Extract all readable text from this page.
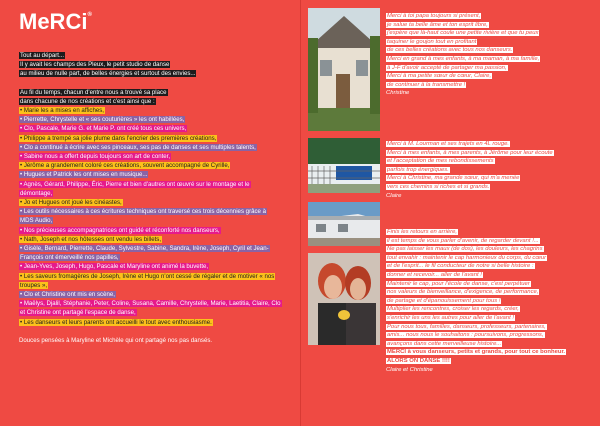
MeRCi®
Tout au départ...
Il y avait les champs des Pleux, le petit studio de danse
au milieu de nulle part, de belles énergies et surtout des envies...
Au fil du temps, chacun d'entre nous a trouvé sa place
dans chacune de nos créations et c'est ainsi que :
• Marie les a mises en affiches,
• Pierrette, Chrystelle et « ses couturières » les ont habillées,
• Clo, Pascale, Marie G. et Marie P. ont créé tous ces univers,
• Philippe a trempé sa jolie plume dans l'encrier des premières créations,
• Clo a continué à écrire avec ses pinceaux, ses pas de danses et ses multiples talents,
• Sabine nous a offert depuis toujours son art de conter,
• Jérôme a grandement coloré ces créations, souvent accompagné de Cyrille,
• Hugues et Patrick les ont mises en musique...
• Agnès, Gérard, Philippe, Éric, Pierre et bien d'autres ont œuvré sur le montage et le démontage,
• Jo et Hugues ont joué les cinéastes,
• Les outils nécessaires à ces écritures techniques ont traversé ces trois décennies grâce à MDS Audio,
• Nos précieuses accompagnatrices ont guidé et réconforté nos danseurs,
• Nath, Joseph et nos hôtesses ont vendu les billets,
• Gisèle, Bernard, Pierrette, Claude, Sylvestre, Sabine, Sandra, Irène, Joseph, Cyril et Jean-François ont émerveillé nos papilles,
• Jean-Yves, Joseph, Hugo, Pascale et Maryline ont animé la buvette,
• Les saveurs fromagères de Joseph, Irène et Hugo n'ont cessé de régaler et de motiver « nos troupes »,
• Clo et Christine ont mis en scène,
• Maëlys, Djalil, Stéphanie, Peter, Coline, Susana, Camille, Chrystelle, Marie, Laetitia, Claire, Clo et Christine ont partagé l'espace de danse,
• Les danseurs et leurs parents ont accueilli le tout avec enthousiasme.
Douces pensées à Maryline et Michèle qui ont partagé nos pas dansés.

Merci à toi papa toujours si présent,

je salue ta belle âme et ton esprit libre,

j'espère que là-haut coule une petite rivière et que tu peux

taquiner le goujon tout en profitant

de ces belles créations avec tous nos danseurs.

Merci en grand à mes enfants, à ma maman, à ma famille,

à J-F d'avoir accepté de partager ma passion,

Merci à ma petite sœur de cœur, Claire,

de continuer à la transmettre !

Christine

Merci à M. Lourman et ses trajets en 4L rouge.

Merci à mes enfants, à mes parents, à Jérôme pour leur écoute

et l'acceptation de mes rebondissements

parfois trop énergiques.

Merci à Christine, ma grande sœur, qui m'a menée

vers ces chemins si riches et si grands.

Claire

Finis les retours en arrière,

il est temps de vous parler d'avenir, de regarder devant !...

Ne pas laisser les maux (de dos), les douleurs, les chagrins

tout envahir : maintenir le cap harmonieux du corps, du cœur

et de l'esprit... le fil conducteur de notre si belle histoire :

donner et recevoir... aller de l'avant !

Maintenir le cap, pour l'école de danse, c'est perpétuer

nos valeurs de bienveillance, d'exigence, de performance,

de partage et d'épanouissement pour tous !

Multiplier les rencontres, croiser les regards, créer,

s'enrichir les uns les autres pour aller de l'avant !

Pour nous tous, familles, danseurs, professeurs, partenaires,

amis... nous nous le souhaitons : poursuivons, progressons,

avançons dans cette merveilleuse histoire...

MERCI à vous danseurs, petits et grands, pour tout ce bonheur.

ALORS ON DANSE !!!!

Claire et Christine
